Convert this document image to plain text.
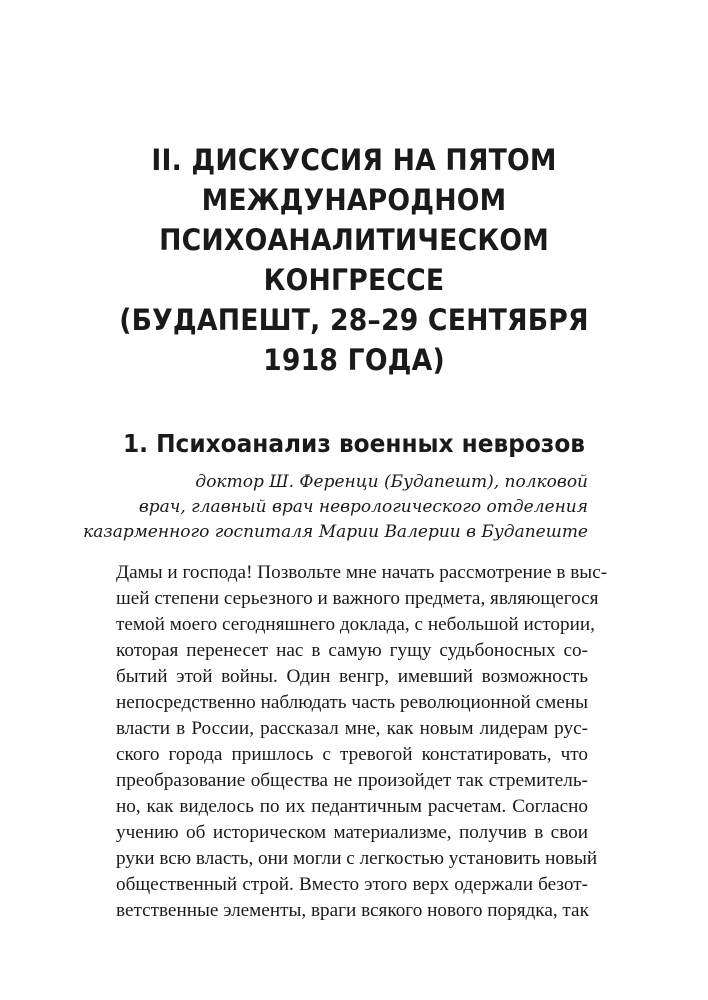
II. ДИСКУССИЯ НА ПЯТОМ
МЕЖДУНАРОДНОМ
ПСИХОАНАЛИТИЧЕСКОМ
КОНГРЕССЕ
(БУДАПЕШТ, 28–29 СЕНТЯБРЯ
1918 ГОДА)
1. Психоанализ военных неврозов
доктор Ш. Ференци (Будапешт), полковой
врач, главный врач неврологического отделения
казарменного госпиталя Марии Валерии в Будапеште
Дамы и господа! Позвольте мне начать рассмотрение в выс-
шей степени серьезного и важного предмета, являющегося
темой моего сегодняшнего доклада, с небольшой истории,
которая перенесет нас в самую гущу судьбоносных со-
бытий этой войны. Один венгр, имевший возможность
непосредственно наблюдать часть революционной смены
власти в России, рассказал мне, как новым лидерам рус-
ского города пришлось с тревогой констатировать, что
преобразование общества не произойдет так стремитель-
но, как виделось по их педантичным расчетам. Согласно
учению об историческом материализме, получив в свои
руки всю власть, они могли с легкостью установить новый
общественный строй. Вместо этого верх одержали безот-
ветственные элементы, враги всякого нового порядка, так
